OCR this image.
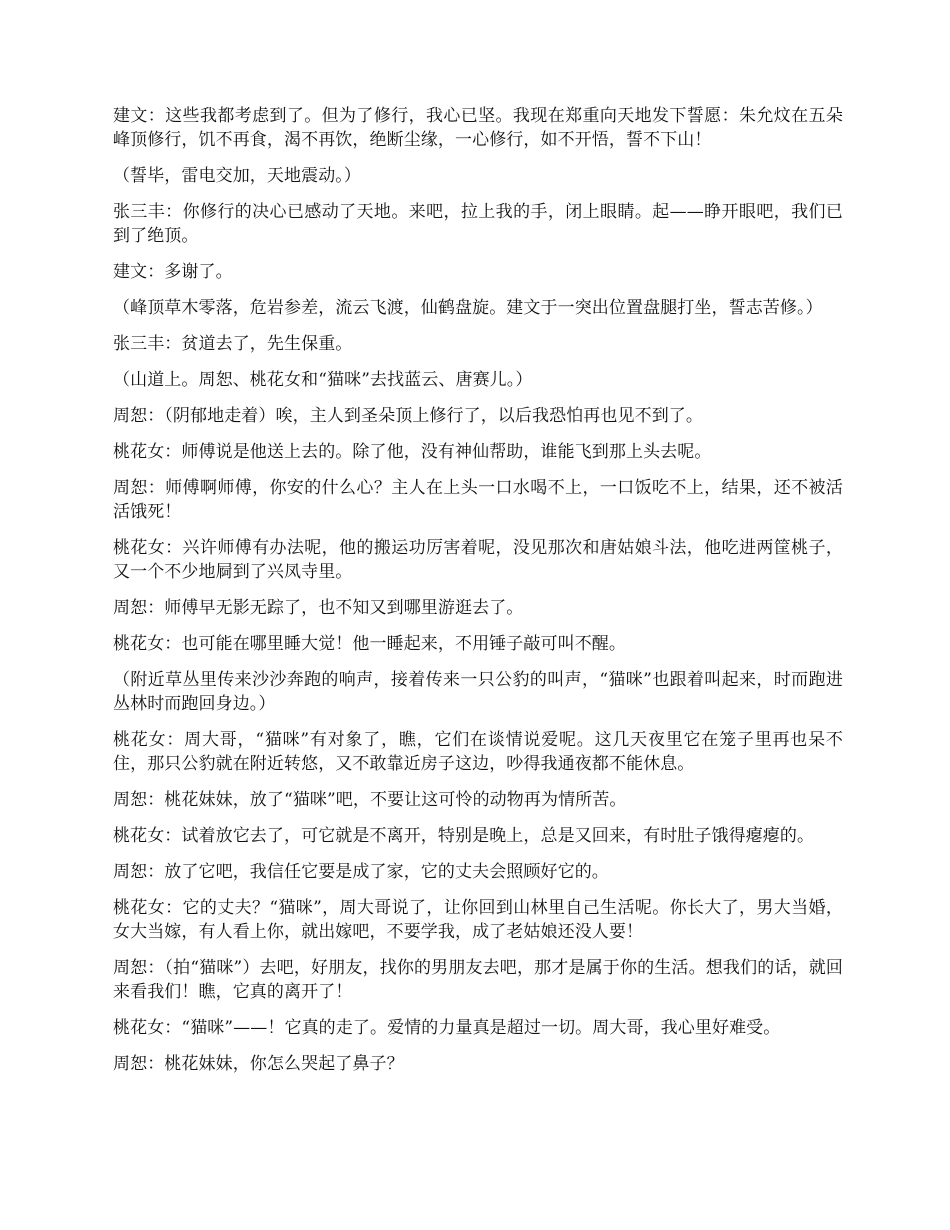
建文：这些我都考虑到了。但为了修行，我心已坚。我现在郑重向天地发下誓愿：朱允炆在五朵峰顶修行，饥不再食，渴不再饮，绝断尘缘，一心修行，如不开悟，誓不下山！

（誓毕，雷电交加，天地震动。）

张三丰：你修行的决心已感动了天地。来吧，拉上我的手，闭上眼睛。起——睁开眼吧，我们已到了绝顶。

建文：多谢了。

（峰顶草木零落，危岩参差，流云飞渡，仙鹤盘旋。建文于一突出位置盘腿打坐，誓志苦修。）

张三丰：贫道去了，先生保重。

（山道上。周恕、桃花女和“猫咪”去找蓝云、唐赛儿。）

周恕：（阴郁地走着）唉，主人到圣朵顶上修行了，以后我恐怕再也见不到了。

桃花女：师傅说是他送上去的。除了他，没有神仙帮助，谁能飞到那上头去呢。

周恕：师傅啊师傅，你安的什么心？主人在上头一口水喝不上，一口饭吃不上，结果，还不被活活饿死！

桃花女：兴许师傅有办法呢，他的搬运功厉害着呢，没见那次和唐姑娘斗法，他吃进两筐桃子，又一个不少地屙到了兴凤寺里。

周恕：师傅早无影无踪了，也不知又到哪里游逛去了。

桃花女：也可能在哪里睡大觉！他一睡起来，不用锤子敲可叫不醒。

（附近草丛里传来沙沙奔跑的响声，接着传来一只公豹的叫声，“猫咪”也跟着叫起来，时而跑进丛林时而跑回身边。）

桃花女：周大哥，“猫咪”有对象了，瞧，它们在谈情说爱呢。这几天夜里它在笼子里再也呆不住，那只公豹就在附近转悠，又不敢靠近房子这边，吵得我通夜都不能休息。

周恕：桃花妹妹，放了“猫咪”吧，不要让这可怜的动物再为情所苦。

桃花女：试着放它去了，可它就是不离开，特别是晚上，总是又回来，有时肚子饿得瘪瘪的。

周恕：放了它吧，我信任它要是成了家，它的丈夫会照顾好它的。

桃花女：它的丈夫？“猫咪”，周大哥说了，让你回到山林里自己生活呢。你长大了，男大当婚，女大当嫁，有人看上你，就出嫁吧，不要学我，成了老姑娘还没人要！

周恕：（拍“猫咪”）去吧，好朋友，找你的男朋友去吧，那才是属于你的生活。想我们的话，就回来看我们！瞧，它真的离开了！

桃花女：“猫咪”——！它真的走了。爱情的力量真是超过一切。周大哥，我心里好难受。

周恕：桃花妹妹，你怎么哭起了鼻子？
